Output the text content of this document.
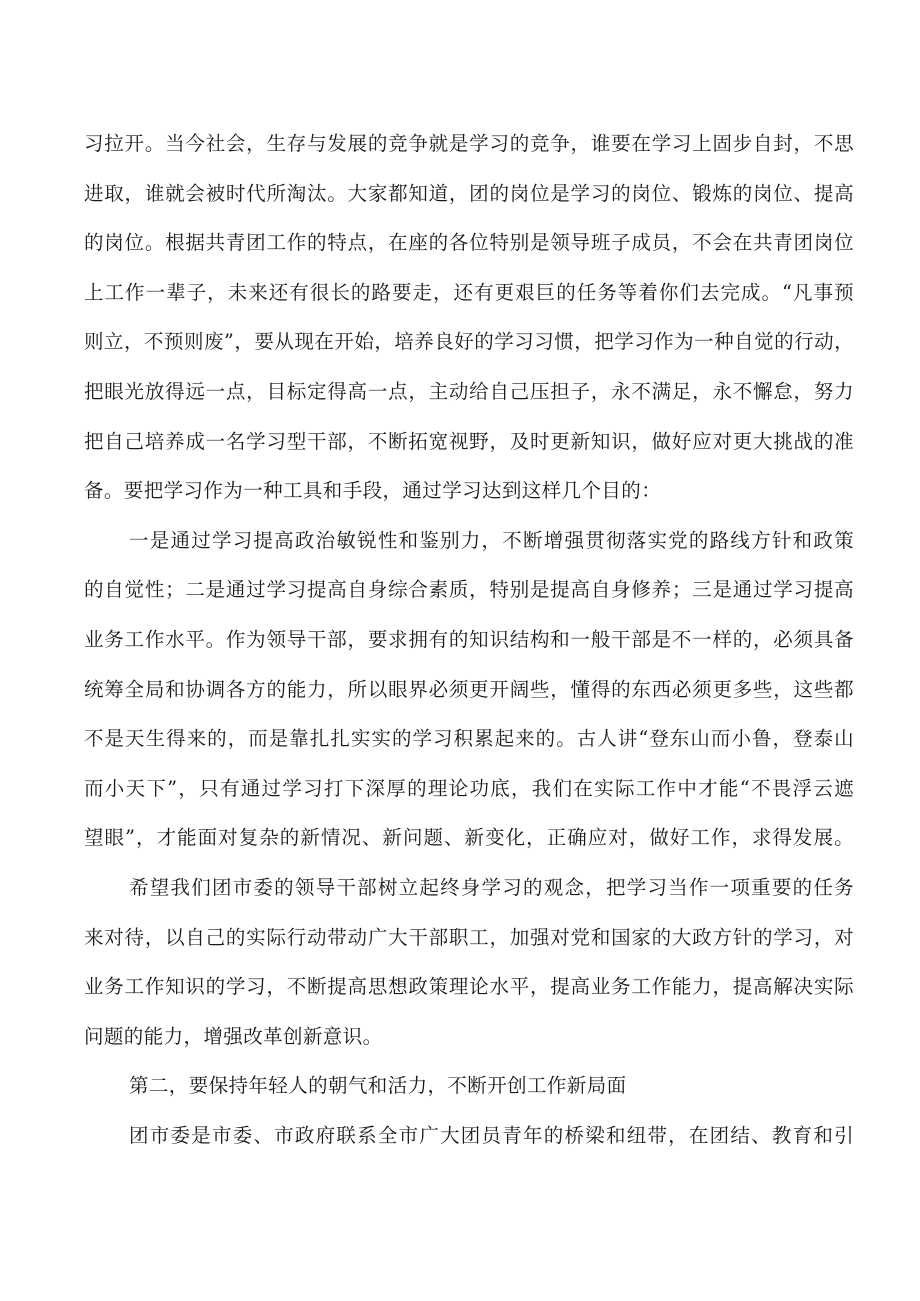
习拉开。当今社会，生存与发展的竞争就是学习的竞争，谁要在学习上固步自封，不思
进取，谁就会被时代所淘汰。大家都知道，团的岗位是学习的岗位、锻炼的岗位、提高
的岗位。根据共青团工作的特点，在座的各位特别是领导班子成员，不会在共青团岗位
上工作一辈子，未来还有很长的路要走，还有更艰巨的任务等着你们去完成。“凡事预
则立，不预则废”，要从现在开始，培养良好的学习习惯，把学习作为一种自觉的行动，
把眼光放得远一点，目标定得高一点，主动给自己压担子，永不满足，永不懈怠，努力
把自己培养成一名学习型干部，不断拓宽视野，及时更新知识，做好应对更大挑战的准
备。要把学习作为一种工具和手段，通过学习达到这样几个目的：
一是通过学习提高政治敏锐性和鉴别力，不断增强贯彻落实党的路线方针和政策
的自觉性；二是通过学习提高自身综合素质，特别是提高自身修养；三是通过学习提高
业务工作水平。作为领导干部，要求拥有的知识结构和一般干部是不一样的，必须具备
统筹全局和协调各方的能力，所以眼界必须更开阔些，懂得的东西必须更多些，这些都
不是天生得来的，而是靠扎扎实实的学习积累起来的。古人讲“登东山而小鲁，登泰山
而小天下”，只有通过学习打下深厚的理论功底，我们在实际工作中才能“不畏浮云遮
望眼”，才能面对复杂的新情况、新问题、新变化，正确应对，做好工作，求得发展。
希望我们团市委的领导干部树立起终身学习的观念，把学习当作一项重要的任务
来对待，以自己的实际行动带动广大干部职工，加强对党和国家的大政方针的学习，对
业务工作知识的学习，不断提高思想政策理论水平，提高业务工作能力，提高解决实际
问题的能力，增强改革创新意识。
第二，要保持年轻人的朝气和活力，不断开创工作新局面
团市委是市委、市政府联系全市广大团员青年的桥梁和纽带，在团结、教育和引
